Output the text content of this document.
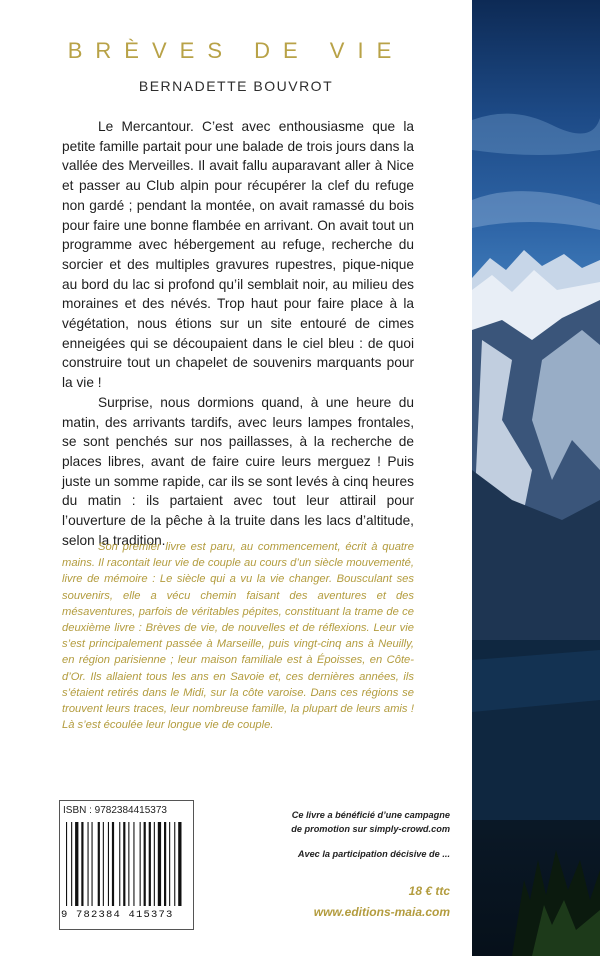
BRÈVES DE VIE
BERNADETTE BOUVROT

Le Mercantour. C’est avec enthousiasme que la petite famille partait pour une balade de trois jours dans la vallée des Merveilles. Il avait fallu auparavant aller à Nice et passer au Club alpin pour récupérer la clef du refuge non gardé ; pendant la montée, on avait ramassé du bois pour faire une bonne flambée en arrivant. On avait tout un programme avec hébergement au refuge, recherche du sorcier et des multiples gravures rupestres, pique-nique au bord du lac si profond qu’il semblait noir, au milieu des moraines et des névés. Trop haut pour faire place à la végétation, nous étions sur un site entouré de cimes enneigées qui se découpaient dans le ciel bleu : de quoi construire tout un chapelet de souvenirs marquants pour la vie !

Surprise, nous dormions quand, à une heure du matin, des arrivants tardifs, avec leurs lampes frontales, se sont penchés sur nos paillasses, à la recherche de places libres, avant de faire cuire leurs merguez ! Puis juste un somme rapide, car ils se sont levés à cinq heures du matin : ils partaient avec tout leur attirail pour l’ouverture de la pêche à la truite dans les lacs d’altitude, selon la tradition.

Son premier livre est paru, au commencement, écrit à quatre mains. Il racontait leur vie de couple au cours d’un siècle mouvementé, livre de mémoire : Le siècle qui a vu la vie changer. Bousculant ses souvenirs, elle a vécu chemin faisant des aventures et des mésaventures, parfois de véritables pépites, constituant la trame de ce deuxième livre : Brèves de vie, de nouvelles et de réflexions. Leur vie s’est principalement passée à Marseille, puis vingt-cinq ans à Neuilly, en région parisienne ; leur maison familiale est à Époisses, en Côte-d’Or. Ils allaient tous les ans en Savoie et, ces dernières années, ils s’étaient retirés dans le Midi, sur la côte varoise. Dans ces régions se trouvent leurs traces, leur nombreuse famille, la plupart de leurs amis ! Là s’est écoulée leur longue vie de couple.

ISBN : 9782384415373
9 782384 415373
Ce livre a bénéficié d’une campagne
de promotion sur simply-crowd.com
Avec la participation décisive de ...
18 € ttc
www.editions-maia.com
